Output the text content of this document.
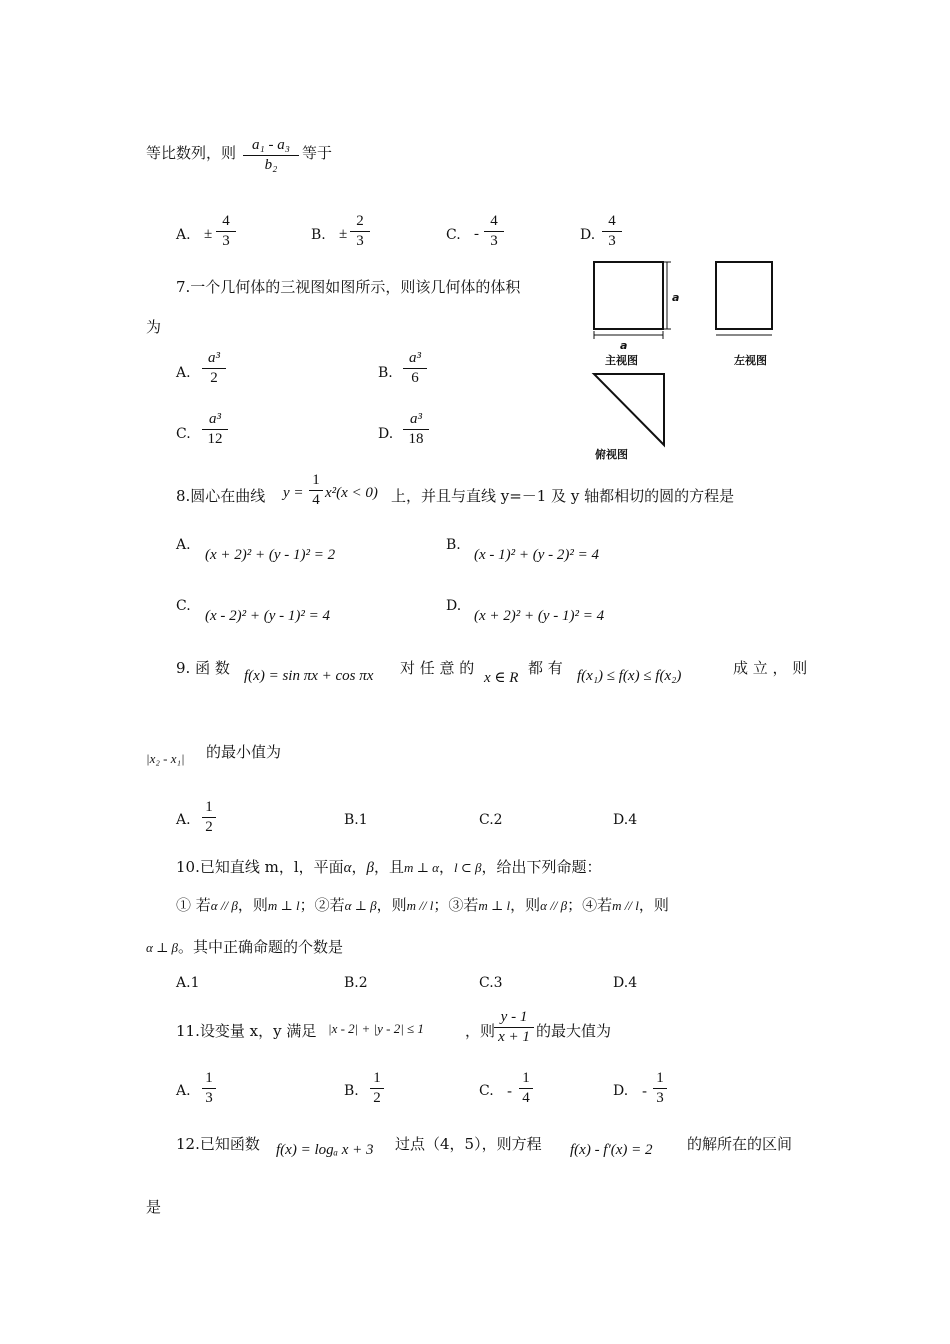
等比数列，则	a₁ - a₃
b₂
等于
A. ±
4
3	B. ±
2
3	C. -
4
3	D.
4
3
7.一个几何体的三视图如图所示，则该几何体的体积
为
A.
a³
2	B.
a³
6
C.
a³
12	D.
a³
18
a
a
主视图	左视图
俯视图
8.圆心在曲线 y =
1
4 x²(x < 0) 上，并且与直线 y=－1 及 y 轴都相切的圆的方程是
A.
(x + 2)² + (y - 1)² = 2
B.
(x - 1)² + (y - 2)² = 4
C.
(x - 2)² + (y - 1)² = 4
D.
(x + 2)² + (y - 1)² = 4
9. 函 数 f(x) = sin πx + cos πx 对 任 意 的
x ∈ R
都 有 f(x₁) ≤ f(x) ≤ f(x₂)	成 立 ， 则
|x₂ - x₁| 的最小值为
A.
1
2	B.1	C.2	D.4
10.已知直线 m，l，平面α，β，且m ⊥ α，l ⊂ β，给出下列命题：
① 若α // β，则m ⊥ l；②若α ⊥ β，则m // l；③若m ⊥ l，则α // β；④若m // l，则
α ⊥ β。其中正确命题的个数是
A.1	B.2	C.3	D.4
11.设变量 x，y 满足 |x - 2| + |y - 2| ≤ 1	，则
y - 1
x + 1 的最大值为
A.
1
3	B.
1
2	C. -
1
4	D. -
1
3
12.已知函数 f(x) = logₐ x + 3 过点（4，5），则方程 f(x) - f′(x) = 2 的解所在的区间
是
